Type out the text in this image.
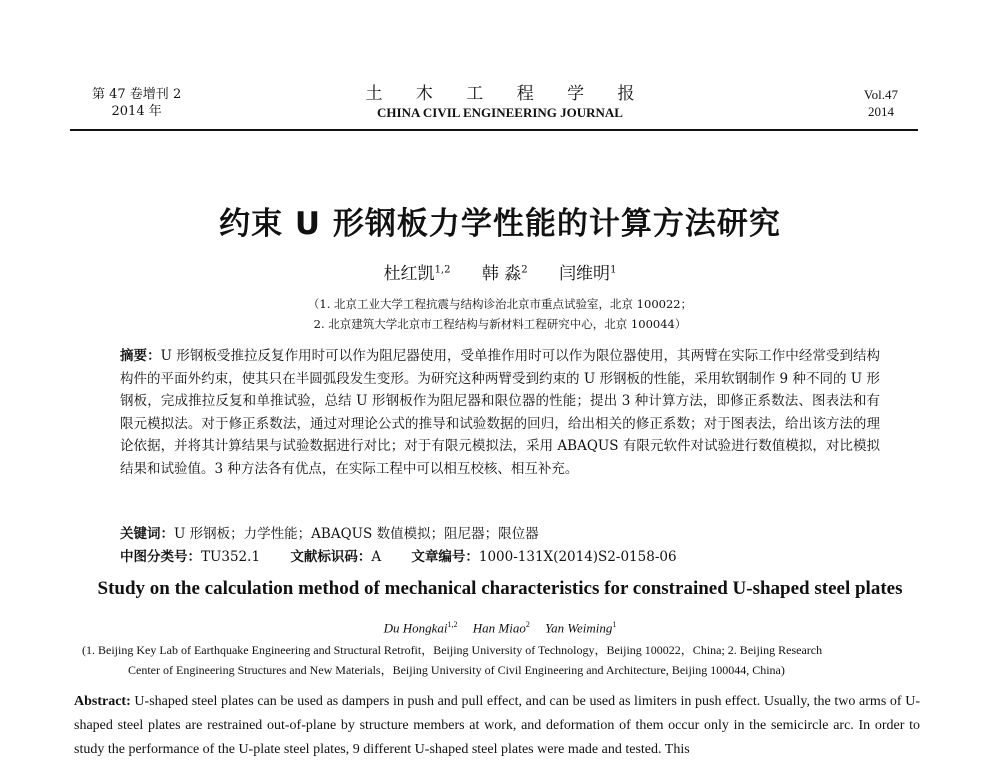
第 47 卷增刊 2
2014 年
土 木 工 程 学 报
CHINA CIVIL ENGINEERING JOURNAL
Vol.47
2014
约束 U 形钢板力学性能的计算方法研究
杜红凯$^{1,2}$ 韩 淼$^2$ 闫维明$^1$
（1. 北京工业大学工程抗震与结构诊治北京市重点试验室，北京 100022；
2. 北京建筑大学北京市工程结构与新材料工程研究中心，北京 100044）
摘要：U 形钢板受推拉反复作用时可以作为阻尼器使用，受单推作用时可以作为限位器使用，其两臂在实际工作中经常受到结构构件的平面外约束，使其只在半圆弧段发生变形。为研究这种两臂受到约束的 U 形钢板的性能，采用软钢制作 9 种不同的 U 形钢板，完成推拉反复和单推试验，总结 U 形钢板作为阻尼器和限位器的性能；提出 3 种计算方法，即修正系数法、图表法和有限元模拟法。对于修正系数法，通过对理论公式的推导和试验数据的回归，给出相关的修正系数；对于图表法，给出该方法的理论依据，并将其计算结果与试验数据进行对比；对于有限元模拟法，采用 ABAQUS 有限元软件对试验进行数值模拟，对比模拟结果和试验值。3 种方法各有优点，在实际工程中可以相互校核、相互补充。
关键词：U 形钢板；力学性能；ABAQUS 数值模拟；阻尼器；限位器
中图分类号：TU352.1 文献标识码：A 文章编号：1000-131X(2014)S2-0158-06
Study on the calculation method of mechanical characteristics for constrained U-shaped steel plates
Du Hongkai$^{1,2}$ Han Miao$^2$ Yan Weiming$^1$
(1. Beijing Key Lab of Earthquake Engineering and Structural Retrofit，Beijing University of Technology，Beijing 100022，China; 2. Beijing Research
Center of Engineering Structures and New Materials，Beijing University of Civil Engineering and Architecture, Beijing 100044, China)
Abstract: U-shaped steel plates can be used as dampers in push and pull effect, and can be used as limiters in push effect. Usually, the two arms of U-shaped steel plates are restrained out-of-plane by structure members at work, and deformation of them occur only in the semicircle arc. In order to study the performance of the U-plate steel plates, 9 different U-shaped steel plates were made and tested. This
